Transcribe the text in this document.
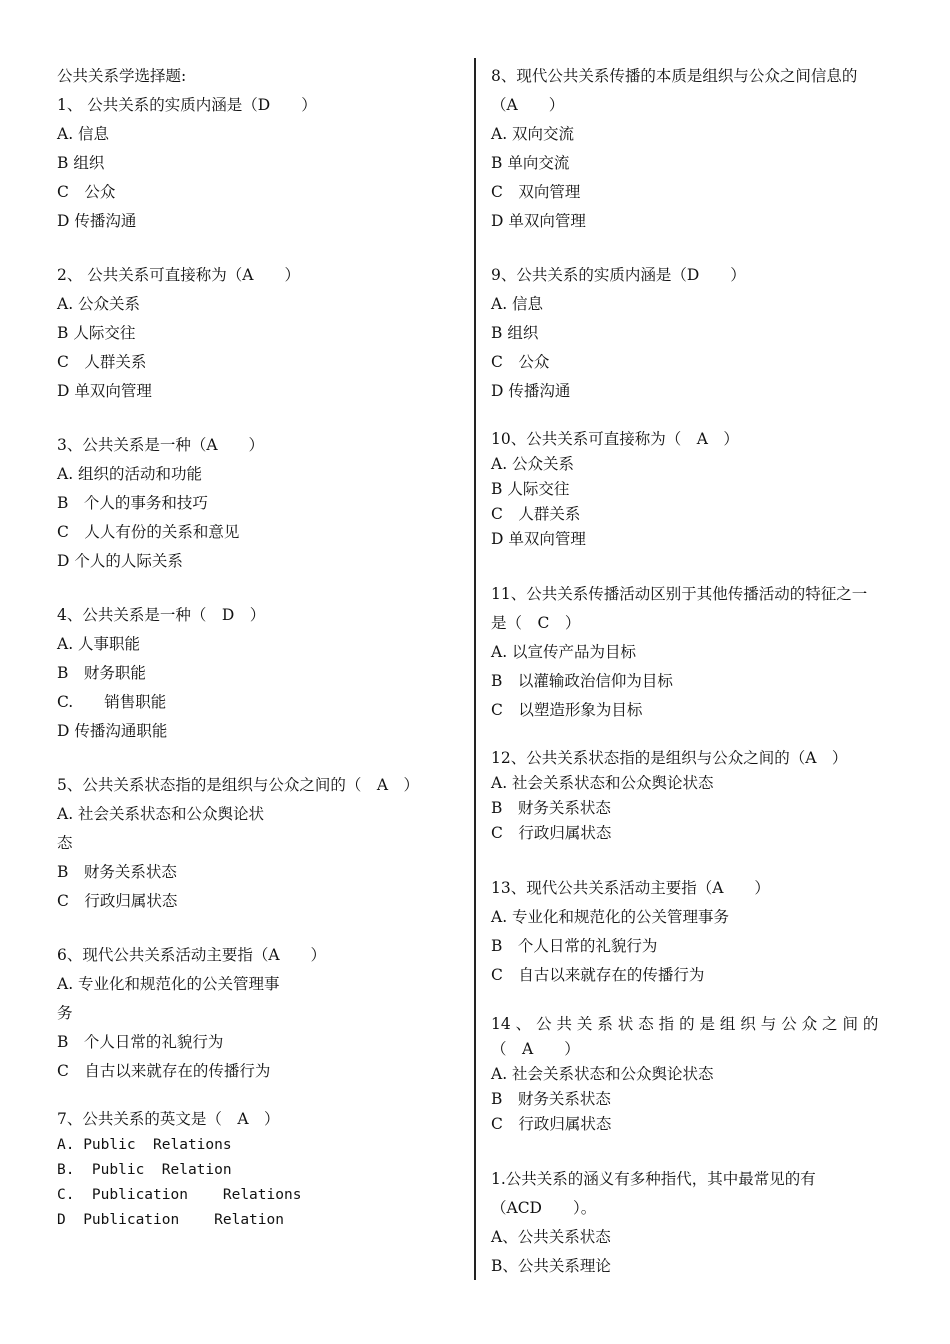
公共关系学选择题:
1、 公共关系的实质内涵是（D　　）
A. 信息
B 组织
C　公众
D 传播沟通
2、 公共关系可直接称为（A　　）
A. 公众关系
B 人际交往
C　人群关系
D 单双向管理
3、公共关系是一种（A　　）
A. 组织的活动和功能
B　个人的事务和技巧
C　人人有份的关系和意见
D 个人的人际关系
4、公共关系是一种（　D　）
A. 人事职能
B　财务职能
C.　　销售职能
D 传播沟通职能
5、公共关系状态指的是组织与公众之间的（　A　）
A. 社会关系状态和公众舆论状
态
B　财务关系状态
C　行政归属状态
6、现代公共关系活动主要指（A　　）
A. 专业化和规范化的公关管理事
务
B　个人日常的礼貌行为
C　自古以来就存在的传播行为
7、公共关系的英文是（　A　）
A. Public  Relations
B.  Public  Relation
C.  Publication    Relations
D  Publication    Relation
8、现代公共关系传播的本质是组织与公众之间信息的
（A　　）
A. 双向交流
B 单向交流
C　双向管理
D 单双向管理
9、公共关系的实质内涵是（D　　）
A. 信息
B 组织
C　公众
D 传播沟通
10、公共关系可直接称为（　A　）
A. 公众关系
B 人际交往
C　人群关系
D 单双向管理
11、公共关系传播活动区别于其他传播活动的特征之一
是（　C　）
A. 以宣传产品为目标
B　以灌输政治信仰为目标
C　以塑造形象为目标
12、公共关系状态指的是组织与公众之间的（A　）
A. 社会关系状态和公众舆论状态
B　财务关系状态
C　行政归属状态
13、现代公共关系活动主要指（A　　）
A. 专业化和规范化的公关管理事务
B　个人日常的礼貌行为
C　自古以来就存在的传播行为
14 、 公 共 关 系 状 态 指 的 是 组 织 与 公 众 之 间 的
（　A　　）
A. 社会关系状态和公众舆论状态
B　财务关系状态
C　行政归属状态
1.公共关系的涵义有多种指代，其中最常见的有
（ACD　　）。
A、公共关系状态
B、公共关系理论
